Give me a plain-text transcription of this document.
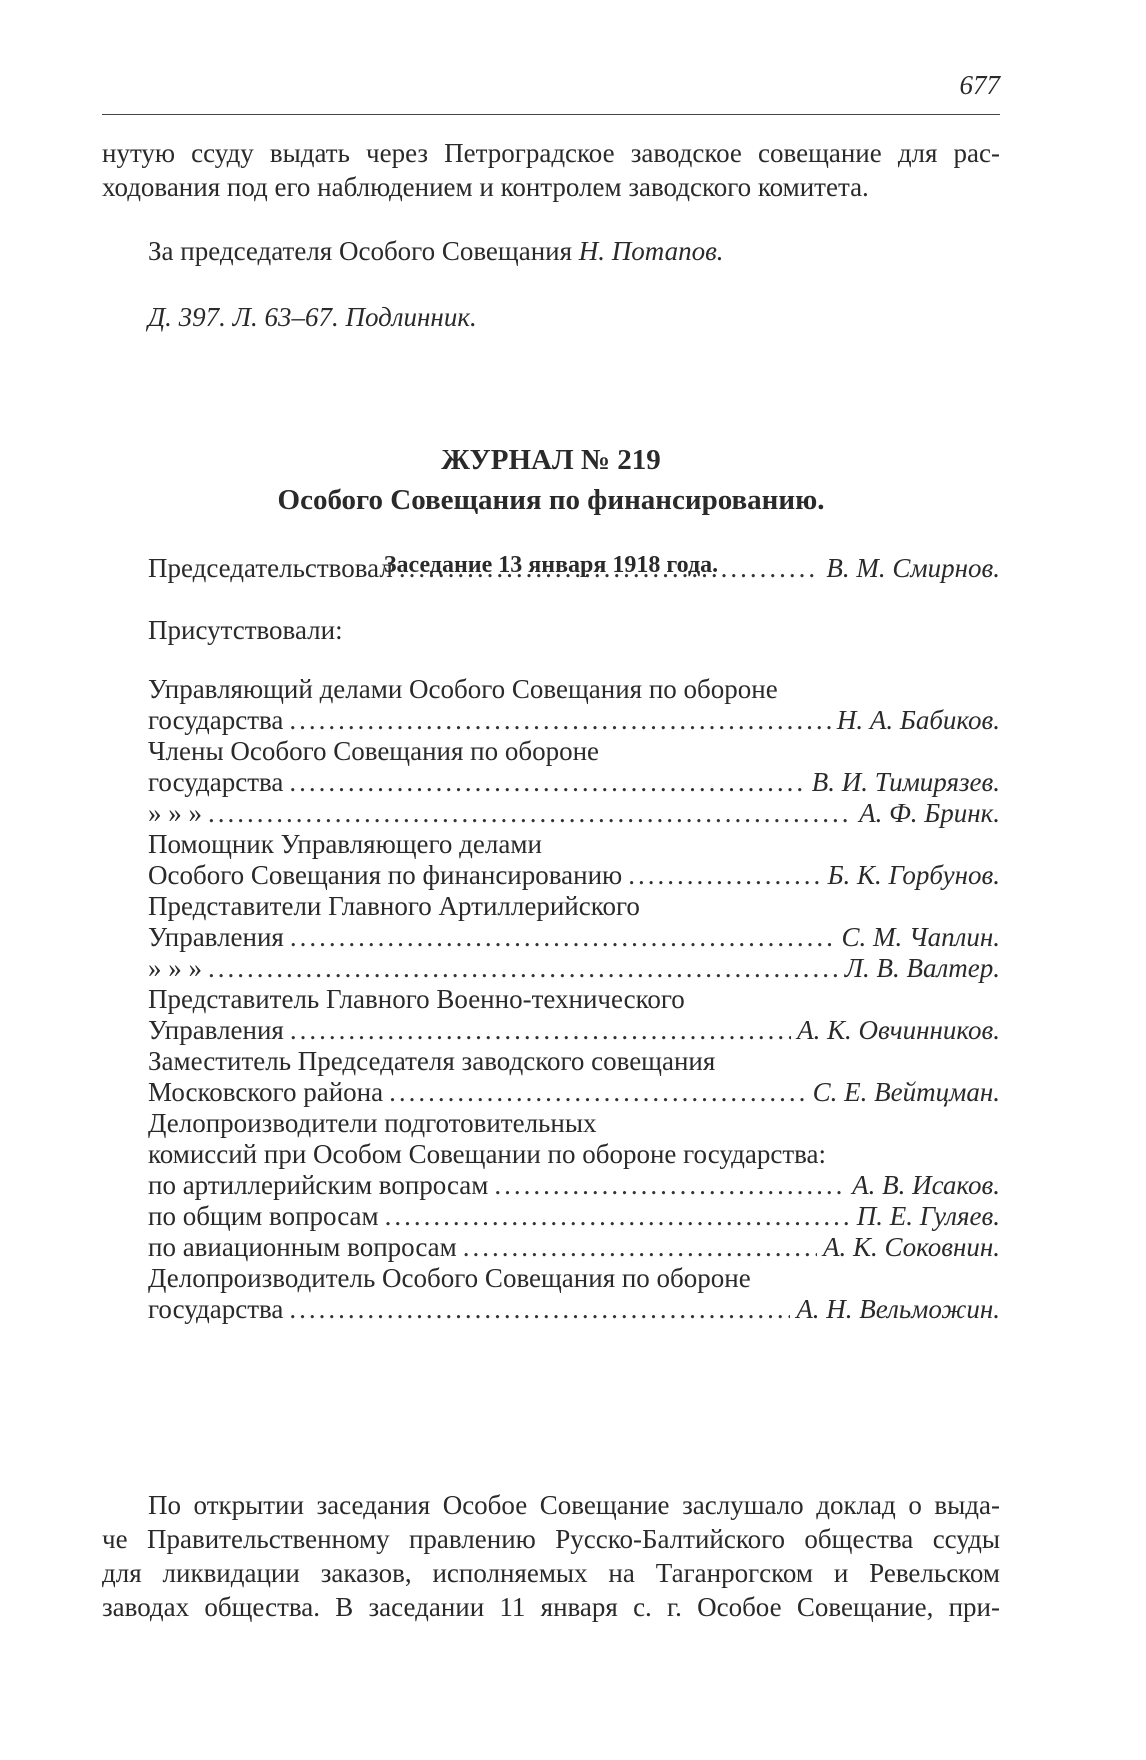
677
нутую ссуду выдать через Петроградское заводское совещание для рас-
ходования под его наблюдением и контролем заводского комитета.
За председателя Особого Совещания Н. Потапов.
Д. 397. Л. 63–67. Подлинник.
ЖУРНАЛ № 219
Особого Совещания по финансированию.
Заседание 13 января 1918 года.
Председательствовал .....	В. М. Смирнов.
Присутствовали:
Управляющий делами Особого Совещания по обороне
государства .....	Н. А. Бабиков.
Члены Особого Совещания по обороне
государства .....	В. И. Тимирязев.
» » » .....	А. Ф. Бринк.
Помощник Управляющего делами
Особого Совещания по финансированию .....	Б. К. Горбунов.
Представители Главного Артиллерийского
Управления .....	С. М. Чаплин.
» » » .....	Л. В. Валтер.
Представитель Главного Военно-технического
Управления .....	А. К. Овчинников.
Заместитель Председателя заводского совещания
Московского района .....	С. Е. Вейтцман.
Делопроизводители подготовительных
комиссий при Особом Совещании по обороне государства:
по артиллерийским вопросам .....	А. В. Исаков.
по общим вопросам .....	П. Е. Гуляев.
по авиационным вопросам .....	А. К. Соковнин.
Делопроизводитель Особого Совещания по обороне
государства .....	А. Н. Вельможин.
По открытии заседания Особое Совещание заслушало доклад о выда-
че Правительственному правлению Русско-Балтийского общества ссуды
для ликвидации заказов, исполняемых на Таганрогском и Ревельском
заводах общества. В заседании 11 января с. г. Особое Совещание, при-
